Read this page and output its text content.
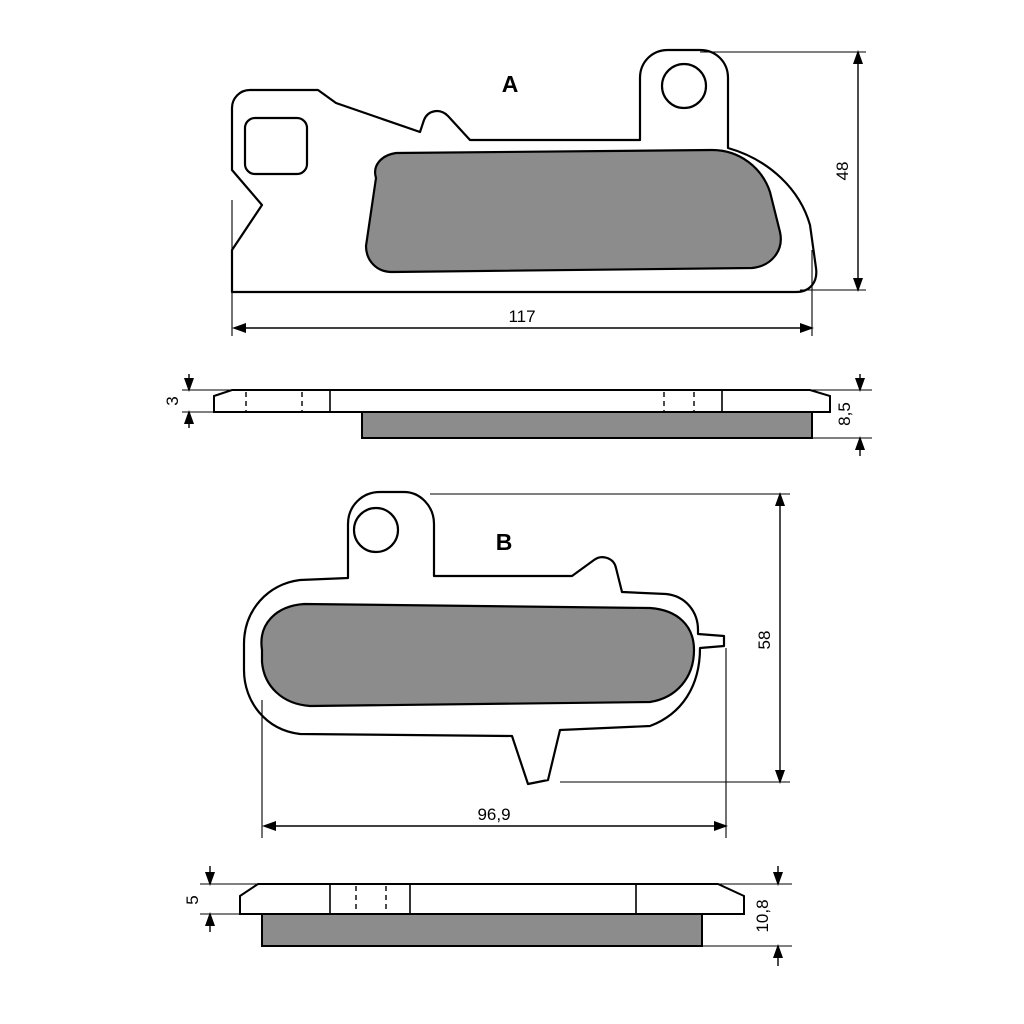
A
48
117
3
8,5
B
58
96,9
5	10,8
